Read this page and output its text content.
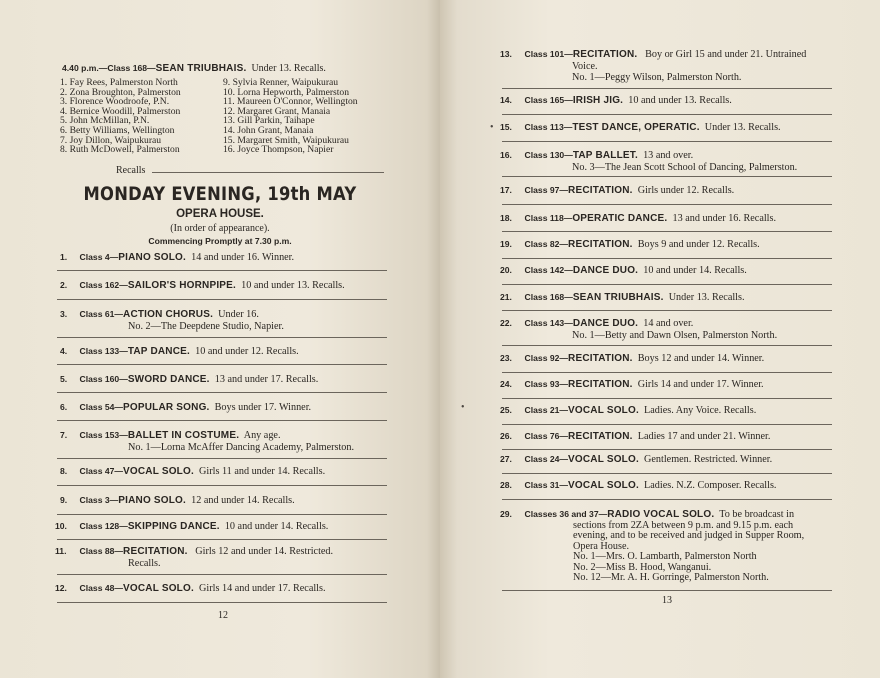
4.40 p.m.—Class 168—SEAN TRIUBHAIS. Under 13. Recalls.
1. Fay Rees, Palmerston North
2. Zona Broughton, Palmerston
3. Florence Woodroofe, P.N.
4. Bernice Woodill, Palmerston
5. John McMillan, P.N.
6. Betty Williams, Wellington
7. Joy Dillon, Waipukurau
8. Ruth McDowell, Palmerston
9. Sylvia Renner, Waipukurau
10. Lorna Hepworth, Palmerston
11. Maureen O'Connor, Wellington
12. Margaret Grant, Manaia
13. Gill Parkin, Taihape
14. John Grant, Manaia
15. Margaret Smith, Waipukurau
16. Joyce Thompson, Napier
Recalls
MONDAY EVENING, 19th MAY
OPERA HOUSE.
(In order of appearance).
Commencing Promptly at 7.30 p.m.
1. Class 4—PIANO SOLO. 14 and under 16. Winner.
2. Class 162—SAILOR'S HORNPIPE. 10 and under 13. Recalls.
3. Class 61—ACTION CHORUS. Under 16.
No. 2—The Deepdene Studio, Napier.
4. Class 133—TAP DANCE. 10 and under 12. Recalls.
5. Class 160—SWORD DANCE. 13 and under 17. Recalls.
6. Class 54—POPULAR SONG. Boys under 17. Winner.
7. Class 153—BALLET IN COSTUME. Any age.
No. 1—Lorna McAffer Dancing Academy, Palmerston.
8. Class 47—VOCAL SOLO. Girls 11 and under 14. Recalls.
9. Class 3—PIANO SOLO. 12 and under 14. Recalls.
10. Class 128—SKIPPING DANCE. 10 and under 14. Recalls.
11. Class 88—RECITATION. Girls 12 and under 14. Restricted.
Recalls.
12. Class 48—VOCAL SOLO. Girls 14 and under 17. Recalls.
12
•
•
13. Class 101—RECITATION. Boy or Girl 15 and under 21. Untrained
Voice.
No. 1—Peggy Wilson, Palmerston North.
14. Class 165—IRISH JIG. 10 and under 13. Recalls.
15. Class 113—TEST DANCE, OPERATIC. Under 13. Recalls.
16. Class 130—TAP BALLET. 13 and over.
No. 3—The Jean Scott School of Dancing, Palmerston.
17. Class 97—RECITATION. Girls under 12. Recalls.
18. Class 118—OPERATIC DANCE. 13 and under 16. Recalls.
19. Class 82—RECITATION. Boys 9 and under 12. Recalls.
20. Class 142—DANCE DUO. 10 and under 14. Recalls.
21. Class 168—SEAN TRIUBHAIS. Under 13. Recalls.
22. Class 143—DANCE DUO. 14 and over.
No. 1—Betty and Dawn Olsen, Palmerston North.
23. Class 92—RECITATION. Boys 12 and under 14. Winner.
24. Class 93—RECITATION. Girls 14 and under 17. Winner.
25. Class 21—VOCAL SOLO. Ladies. Any Voice. Recalls.
26. Class 76—RECITATION. Ladies 17 and under 21. Winner.
27. Class 24—VOCAL SOLO. Gentlemen. Restricted. Winner.
28. Class 31—VOCAL SOLO. Ladies. N.Z. Composer. Recalls.
29. Classes 36 and 37—RADIO VOCAL SOLO. To be broadcast in
sections from 2ZA between 9 p.m. and 9.15 p.m. each
evening, and to be received and judged in Supper Room,
Opera House.
No. 1—Mrs. O. Lambarth, Palmerston North
No. 2—Miss B. Hood, Wanganui.
No. 12—Mr. A. H. Gorringe, Palmerston North.
13
